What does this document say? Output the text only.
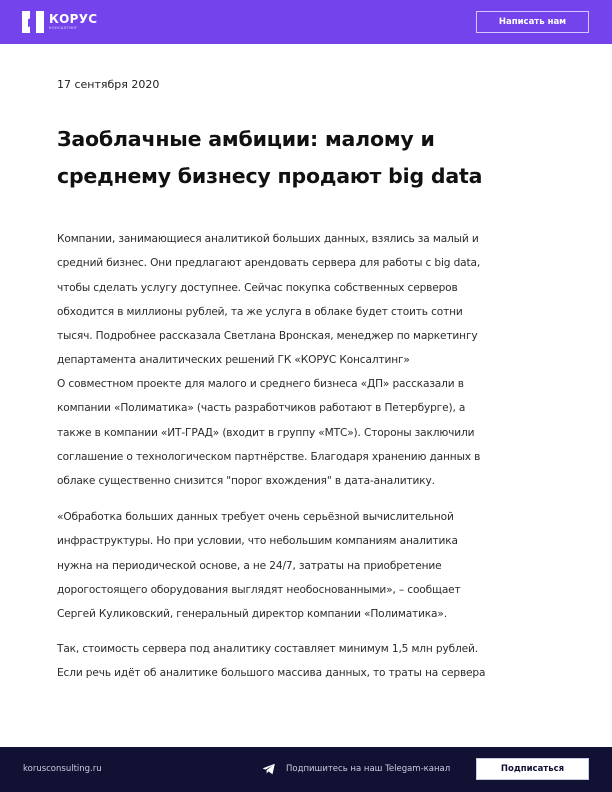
КОРУС
КОНСАЛТИНГ
Написать нам
17 сентября 2020
Заоблачные амбиции: малому и
среднему бизнесу продают big data
Компании, занимающиеся аналитикой больших данных, взялись за малый и
средний бизнес. Они предлагают арендовать сервера для работы с big data,
чтобы сделать услугу доступнее. Сейчас покупка собственных серверов
обходится в миллионы рублей, та же услуга в облаке будет стоить сотни
тысяч. Подробнее рассказала Светлана Вронская, менеджер по маркетингу
департамента аналитических решений ГК «КОРУС Консалтинг»
О совместном проекте для малого и среднего бизнеса «ДП» рассказали в
компании «Полиматика» (часть разработчиков работают в Петербурге), а
также в компании «ИТ-ГРАД» (входит в группу «МТС»). Стороны заключили
соглашение о технологическом партнёрстве. Благодаря хранению данных в
облаке существенно снизится "порог вхождения" в дата-аналитику.
«Обработка больших данных требует очень серьёзной вычислительной
инфраструктуры. Но при условии, что небольшим компаниям аналитика
нужна на периодической основе, а не 24/7, затраты на приобретение
дорогостоящего оборудования выглядят необоснованными», – сообщает
Сергей Куликовский, генеральный директор компании «Полиматика».
Так, стоимость сервера под аналитику составляет минимум 1,5 млн рублей.
Если речь идёт об аналитике большого массива данных, то траты на сервера
korusconsulting.ru	Подпишитесь на наш Telegam-канал	Подписаться
